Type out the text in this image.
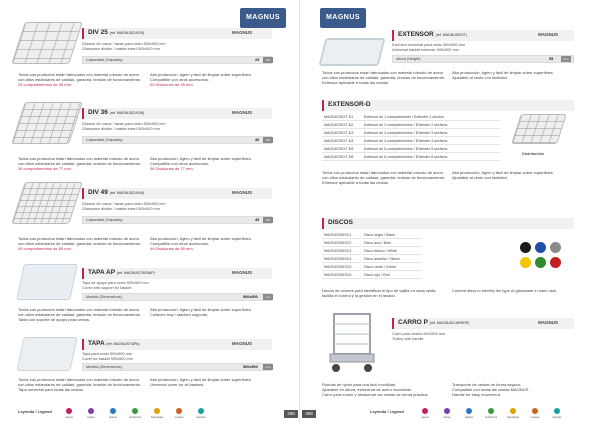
MAGNUS
DIV 25 (ref. MAGNUS/DIV25)	MAGNUS
División de vasos / tazas para cesto 500x500 mm
Glassware divider / basket insert 500x500 mm
Capacidad (Capacity)	25	UD
Todos sus productos están fabricados con material robusto de acero
con altos estándares de calidad, garantía, tensión de funcionamiento.
25 compartimentos de 95 mm.
Alta producción, ligero y fácil de limpiar sobre superficies.
Compatible con otros accesorios.
25 Divisiones de 95 mm.
DIV 36 (ref. MAGNUS/DIV36)	MAGNUS
División de vasos / tazas para cesto 500x500 mm
Glassware divider / basket insert 500x500 mm
Capacidad (Capacity)	36	UD
Todos sus productos están fabricados con material robusto de acero
con altos estándares de calidad, garantía, tensión de funcionamiento.
36 compartimentos de 77 mm.
Alta producción, ligero y fácil de limpiar sobre superficies.
Compatible con otros accesorios.
36 Divisiones de 77 mm.
DIV 49 (ref. MAGNUS/DIV49)	MAGNUS
División de vasos / tazas para cesto 500x500 mm
Glassware divider / basket insert 500x500 mm
Capacidad (Capacity)	49	UD
Todos sus productos están fabricados con material robusto de acero
con altos estándares de calidad, garantía, tensión de funcionamiento.
49 compartimentos de 65 mm.
Alta producción, ligero y fácil de limpiar sobre superficies.
Compatible con otros accesorios.
49 Divisiones de 65 mm.
TAPA AP (ref. MAGNUS/TAPAAP)	MAGNUS
Tapa de apoyo para cesto 500x500 mm
Cover with support for basket
Medida (Dimensions)	500x500	mm
Todos sus productos están fabricados con material robusto de acero
con altos estándares de calidad, garantía, tensión de funcionamiento.
Tabla con soporte de apoyo para cestos.
Alta producción, ligero y fácil de limpiar sobre superficies.
Collector tray / stacked supports.
TAPA (ref. MAGNUS/TAPA)	MAGNUS
Tapa para cesto 500x500 mm
Cover for basket 500x500 mm
Medida (Dimensions)	500x500	mm
Todos sus productos están fabricados con material robusto de acero
con altos estándares de calidad, garantía, tensión de funcionamiento.
Tapa universal para todas las cestas.
Alta producción, ligero y fácil de limpiar sobre superficies.
Universal cover for all baskets.
Leyenda / Legend
vasos	tazas	platos	cubiertos	bandejas	cestas	lavado
468
MAGNUS
EXTENSOR (ref. MAGNUS/EXT)	MAGNUS
Extensor universal para cesto 500x500 mm
Universal basket extender 500x500 mm
Altura (Height)	55	mm
Todos sus productos están fabricados con material robusto de acero
con altos estándares de calidad, garantía, tensión de funcionamiento.
Extensor aplicable a todas las cestas.
Alta producción, ligero y fácil de limpiar sobre superficies.
Ajustable al cesto con facilidad.
EXTENSOR-D
MAGNUS/EXT-D1	Extensor de 1 compartimento / Extender 1 section
MAGNUS/EXT-D2	Extensor de 2 compartimentos / Extender 2 sections
MAGNUS/EXT-D3	Extensor de 3 compartimentos / Extender 3 sections
MAGNUS/EXT-D4	Extensor de 4 compartimentos / Extender 4 sections
MAGNUS/EXT-D5	Extensor de 5 compartimentos / Extender 5 sections
MAGNUS/EXT-D6	Extensor de 6 compartimentos / Extender 6 sections
Distribución
Todos sus productos están fabricados con material robusto de acero
con altos estándares de calidad, garantía, tensión de funcionamiento.
Extensor aplicable a todas las cestas.
Alta producción, ligero y fácil de limpiar sobre superficies.
Ajustable al cesto con facilidad.
DISCOS
MAGNUS/DISC1	Disco negro / Black
MAGNUS/DISC2	Disco azul / Blue
MAGNUS/DISC3	Disco blanco / White
MAGNUS/DISC4	Disco amarillo / Yellow
MAGNUS/DISC5	Disco verde / Green
MAGNUS/DISC6	Disco rojo / Red
Discos de colores para identificar el tipo de vajilla en cada cesta,
facilita el control y la gestión en el lavado.
Colored discs to identify the type of glassware in each rack.
CARRO P (ref. MAGNUS/CARROP)	MAGNUS
Carro para cestos 500x500 mm
Trolley with handle
Ruedas de nylon para una fácil movilidad.
Ajustable en altura, estructura de acero inoxidable.
Carro para mover y almacenar las cestas de forma práctica.
Transporte de cestas de forma segura.
Compatible con todas las cestas MAGNUS.
Handle for easy movement.
469	Leyenda / Legend
vasos	tazas	platos	cubiertos	bandejas	cestas	lavado
